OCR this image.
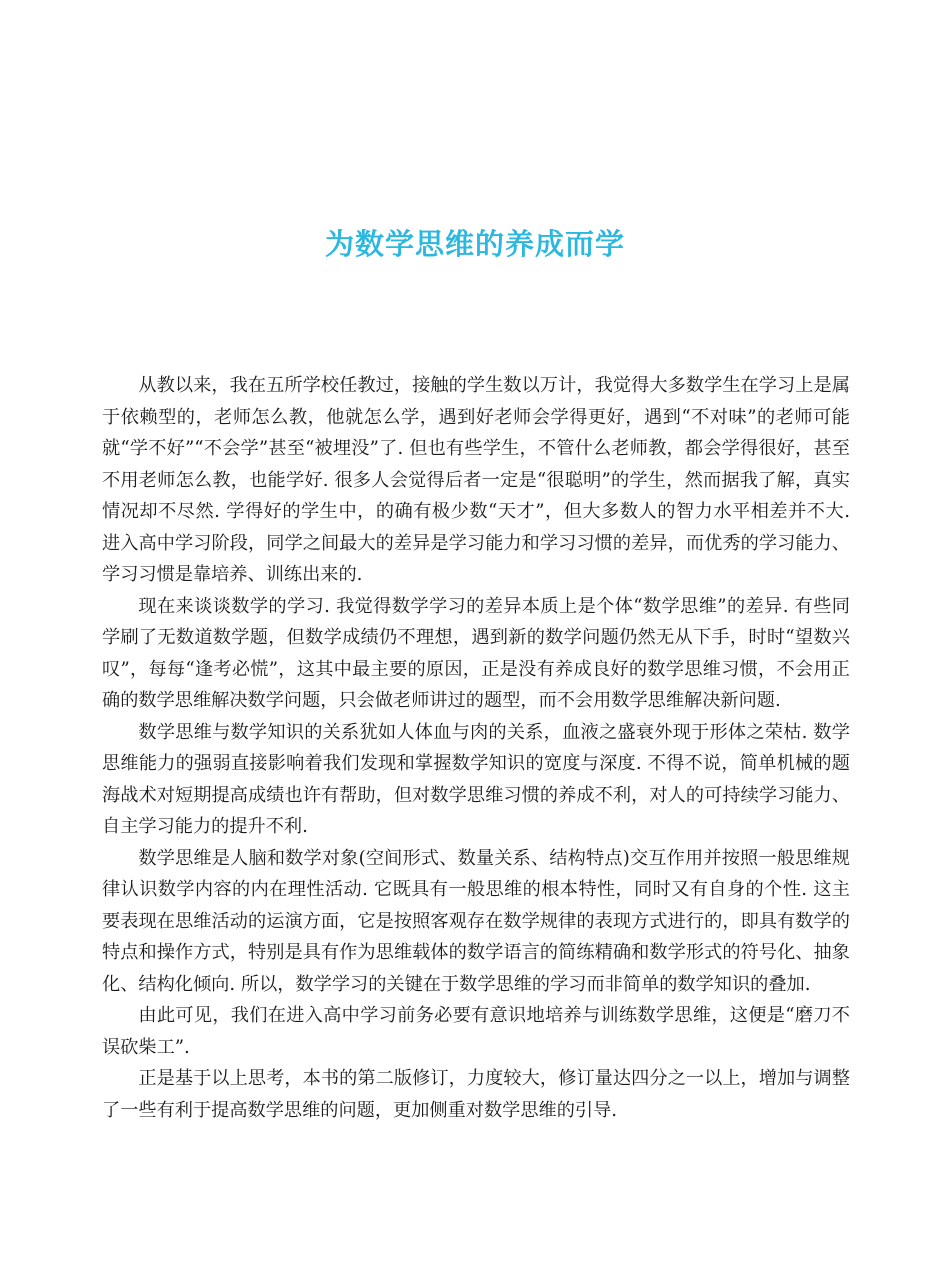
为数学思维的养成而学

从教以来，我在五所学校任教过，接触的学生数以万计，我觉得大多数学生在学习上是属于依赖型的，老师怎么教，他就怎么学，遇到好老师会学得更好，遇到“不对味”的老师可能就“学不好”“不会学”甚至“被埋没”了. 但也有些学生，不管什么老师教，都会学得很好，甚至不用老师怎么教，也能学好. 很多人会觉得后者一定是“很聪明”的学生，然而据我了解，真实情况却不尽然. 学得好的学生中，的确有极少数“天才”，但大多数人的智力水平相差并不大. 进入高中学习阶段，同学之间最大的差异是学习能力和学习习惯的差异，而优秀的学习能力、学习习惯是靠培养、训练出来的.

现在来谈谈数学的学习. 我觉得数学学习的差异本质上是个体“数学思维”的差异. 有些同学刷了无数道数学题，但数学成绩仍不理想，遇到新的数学问题仍然无从下手，时时“望数兴叹”，每每“逢考必慌”，这其中最主要的原因，正是没有养成良好的数学思维习惯，不会用正确的数学思维解决数学问题，只会做老师讲过的题型，而不会用数学思维解决新问题.

数学思维与数学知识的关系犹如人体血与肉的关系，血液之盛衰外现于形体之荣枯. 数学思维能力的强弱直接影响着我们发现和掌握数学知识的宽度与深度. 不得不说，简单机械的题海战术对短期提高成绩也许有帮助，但对数学思维习惯的养成不利，对人的可持续学习能力、自主学习能力的提升不利.

数学思维是人脑和数学对象(空间形式、数量关系、结构特点)交互作用并按照一般思维规律认识数学内容的内在理性活动. 它既具有一般思维的根本特性，同时又有自身的个性. 这主要表现在思维活动的运演方面，它是按照客观存在数学规律的表现方式进行的，即具有数学的特点和操作方式，特别是具有作为思维载体的数学语言的简练精确和数学形式的符号化、抽象化、结构化倾向. 所以，数学学习的关键在于数学思维的学习而非简单的数学知识的叠加.

由此可见，我们在进入高中学习前务必要有意识地培养与训练数学思维，这便是“磨刀不误砍柴工”.

正是基于以上思考，本书的第二版修订，力度较大，修订量达四分之一以上，增加与调整了一些有利于提高数学思维的问题，更加侧重对数学思维的引导.
